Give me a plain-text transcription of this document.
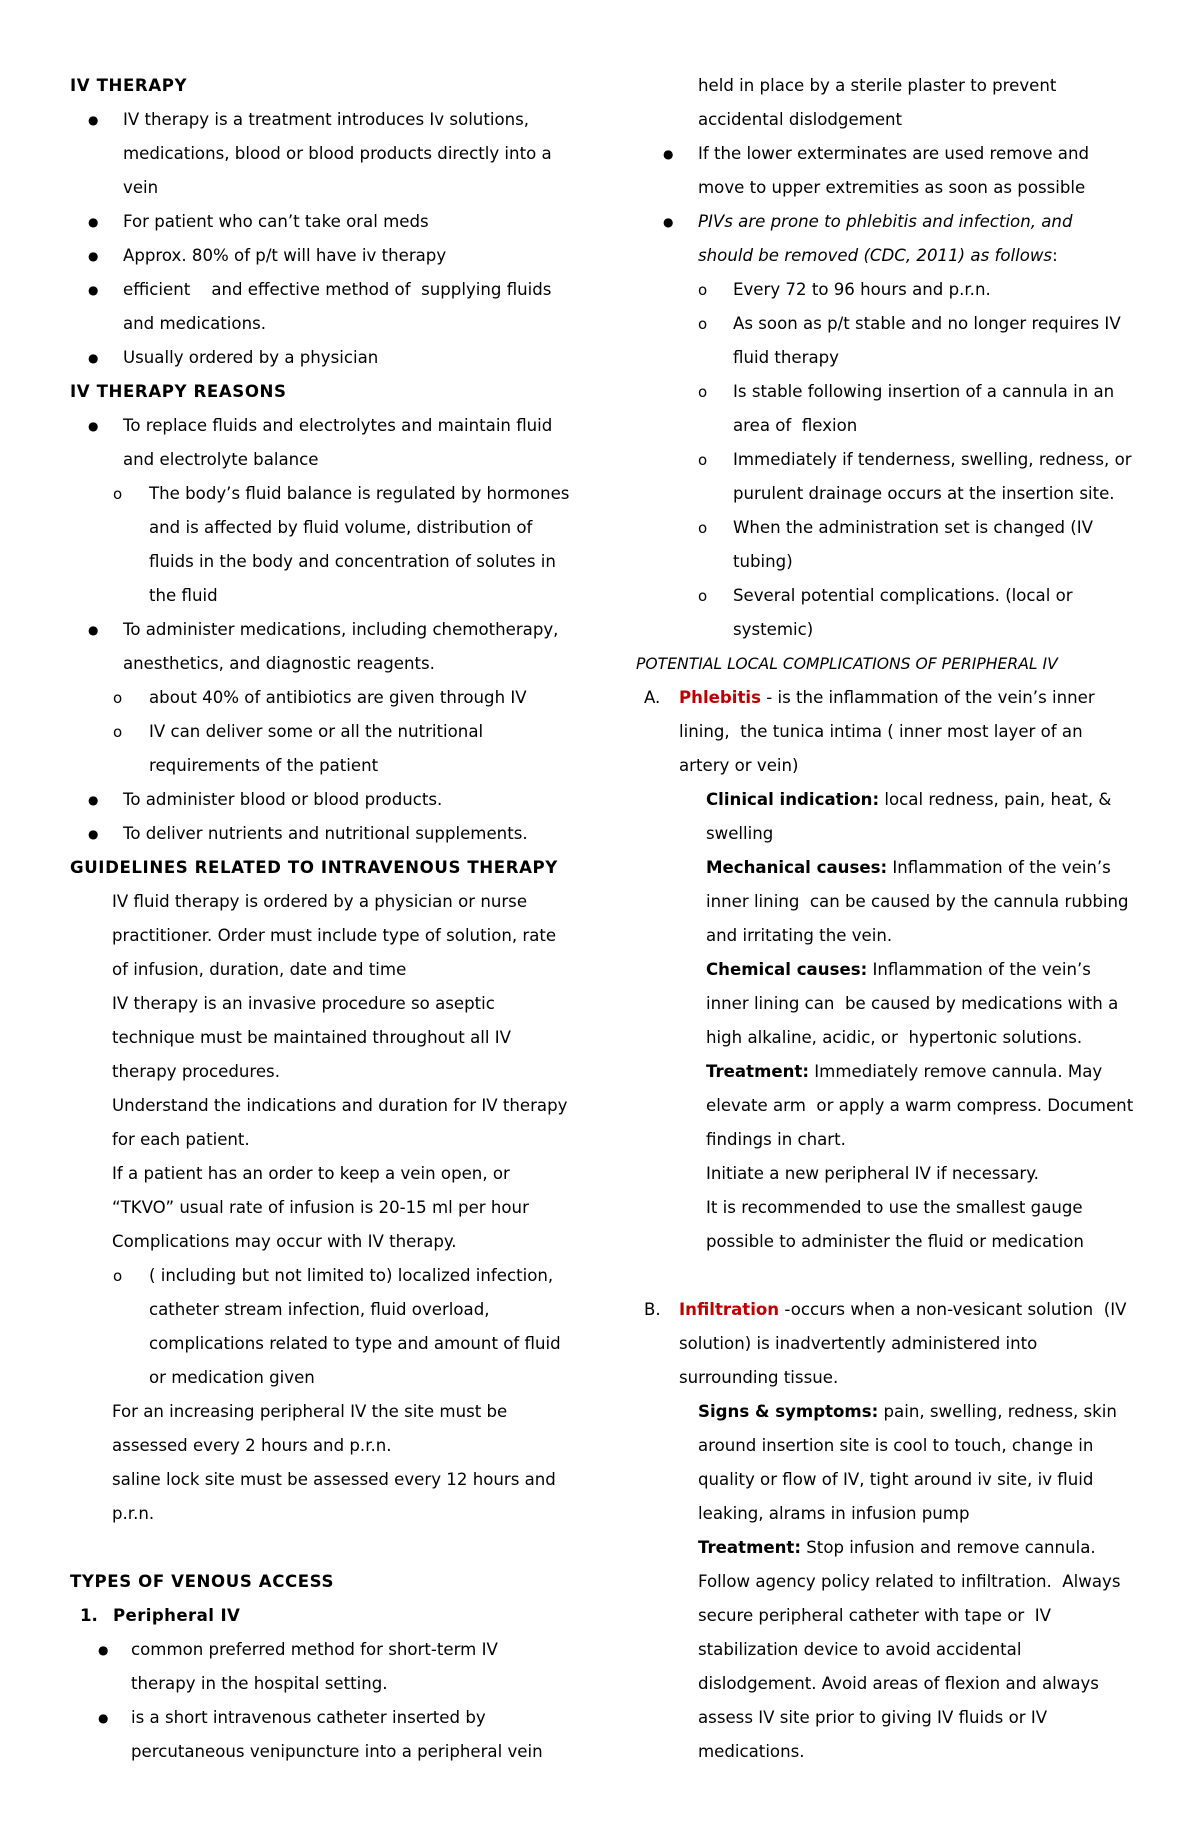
IV THERAPY
● IV therapy is a treatment introduces Iv solutions,
medications, blood or blood products directly into a
vein
● For patient who can’t take oral meds
● Approx. 80% of p/t will have iv therapy
● efficient    and effective method of  supplying fluids
and medications.
● Usually ordered by a physician
IV THERAPY REASONS
● To replace fluids and electrolytes and maintain fluid
and electrolyte balance
o The body’s fluid balance is regulated by hormones
and is affected by fluid volume, distribution of
fluids in the body and concentration of solutes in
the fluid
● To administer medications, including chemotherapy,
anesthetics, and diagnostic reagents.
o about 40% of antibiotics are given through IV
o IV can deliver some or all the nutritional
requirements of the patient
● To administer blood or blood products.
● To deliver nutrients and nutritional supplements.
GUIDELINES RELATED TO INTRAVENOUS THERAPY
IV fluid therapy is ordered by a physician or nurse
practitioner. Order must include type of solution, rate
of infusion, duration, date and time
IV therapy is an invasive procedure so aseptic
technique must be maintained throughout all IV
therapy procedures.
Understand the indications and duration for IV therapy
for each patient.
If a patient has an order to keep a vein open, or
“TKVO” usual rate of infusion is 20-15 ml per hour
Complications may occur with IV therapy.
o ( including but not limited to) localized infection,
catheter stream infection, fluid overload,
complications related to type and amount of fluid
or medication given
For an increasing peripheral IV the site must be
assessed every 2 hours and p.r.n.
saline lock site must be assessed every 12 hours and
p.r.n.
TYPES OF VENOUS ACCESS
1. Peripheral IV
● common preferred method for short-term IV
therapy in the hospital setting.
● is a short intravenous catheter inserted by
percutaneous venipuncture into a peripheral vein
held in place by a sterile plaster to prevent
accidental dislodgement
● If the lower exterminates are used remove and
move to upper extremities as soon as possible
● PIVs are prone to phlebitis and infection, and
should be removed (CDC, 2011) as follows:
o Every 72 to 96 hours and p.r.n.
o As soon as p/t stable and no longer requires IV
fluid therapy
o Is stable following insertion of a cannula in an
area of  flexion
o Immediately if tenderness, swelling, redness, or
purulent drainage occurs at the insertion site.
o When the administration set is changed (IV
tubing)
o Several potential complications. (local or
systemic)
POTENTIAL LOCAL COMPLICATIONS OF PERIPHERAL IV
A. Phlebitis - is the inflammation of the vein’s inner
lining,  the tunica intima ( inner most layer of an
artery or vein)
Clinical indication: local redness, pain, heat, &
swelling
Mechanical causes: Inflammation of the vein’s
inner lining  can be caused by the cannula rubbing
and irritating the vein.
Chemical causes: Inflammation of the vein’s
inner lining can  be caused by medications with a
high alkaline, acidic, or  hypertonic solutions.
Treatment: Immediately remove cannula. May
elevate arm  or apply a warm compress. Document
findings in chart.
Initiate a new peripheral IV if necessary.
It is recommended to use the smallest gauge
possible to administer the fluid or medication
B. Infiltration -occurs when a non-vesicant solution  (IV
solution) is inadvertently administered into
surrounding tissue.
Signs & symptoms: pain, swelling, redness, skin
around insertion site is cool to touch, change in
quality or flow of IV, tight around iv site, iv fluid
leaking, alrams in infusion pump
Treatment: Stop infusion and remove cannula.
Follow agency policy related to infiltration.  Always
secure peripheral catheter with tape or  IV
stabilization device to avoid accidental
dislodgement. Avoid areas of flexion and always
assess IV site prior to giving IV fluids or IV
medications.
